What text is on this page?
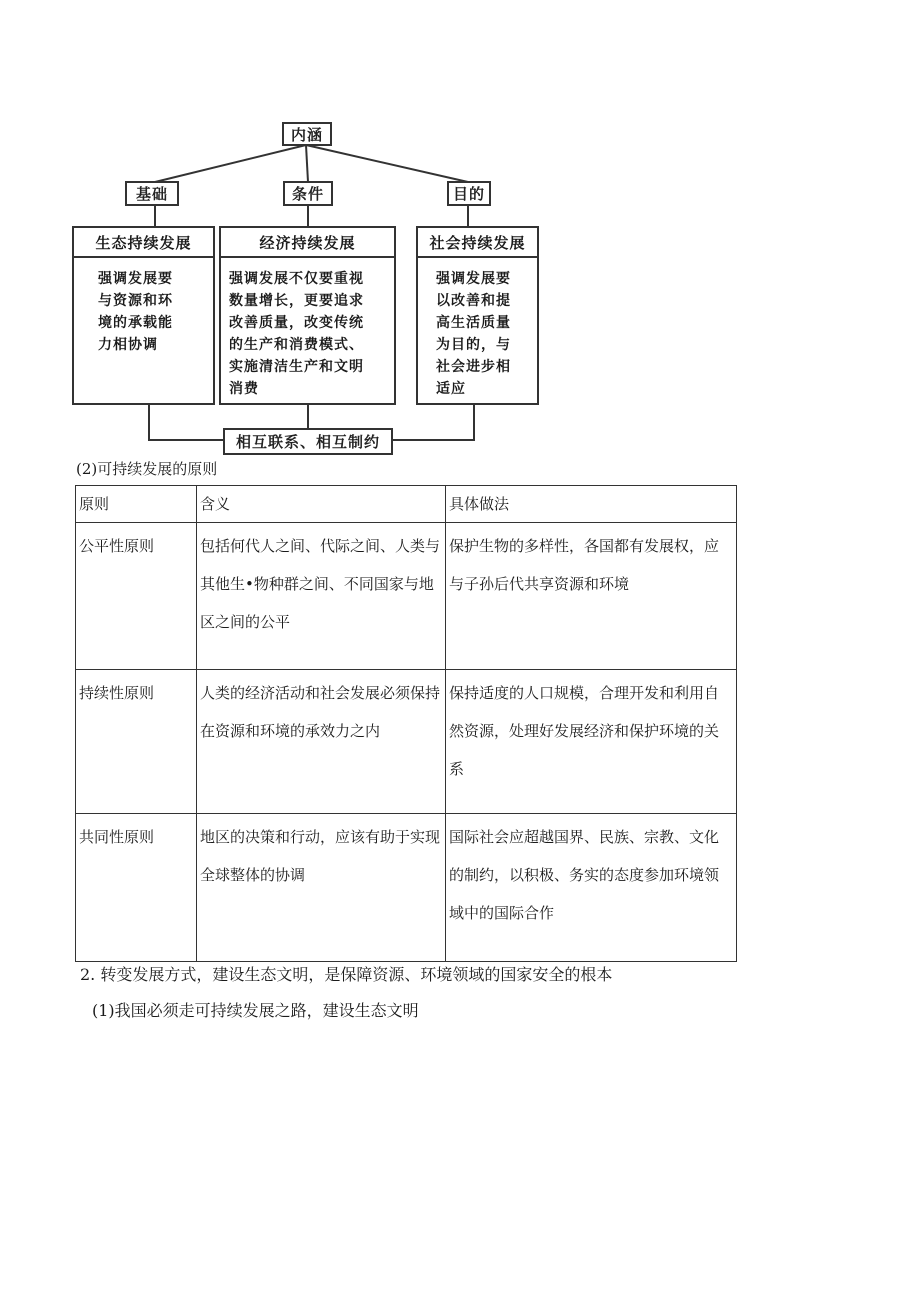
内涵
基础	条件	目的
生态持续发展
强调发展要
与资源和环
境的承载能
力相协调
经济持续发展
强调发展不仅要重视
数量增长，更要追求
改善质量，改变传统
的生产和消费模式、
实施清洁生产和文明
消费
社会持续发展
强调发展要
以改善和提
高生活质量
为目的，与
社会进步相
适应
相互联系、相互制约
(2)可持续发展的原则
原则	含义	具体做法
公平性原则	包括何代人之间、代际之间、人类与其他生•物种群之间、不同国家与地区之间的公平	保护生物的多样性，各国都有发展权，应与子孙后代共享资源和环境
持续性原则	人类的经济活动和社会发展必须保持在资源和环境的承效力之内	保持适度的人口规模，合理开发和利用自然资源，处理好发展经济和保护环境的关系
共同性原则	地区的决策和行动，应该有助于实现全球整体的协调	国际社会应超越国界、民族、宗教、文化的制约，以积极、务实的态度参加环境领域中的国际合作
2. 转变发展方式，建设生态文明，是保障资源、环境领域的国家安全的根本
(1)我国必须走可持续发展之路，建设生态文明
